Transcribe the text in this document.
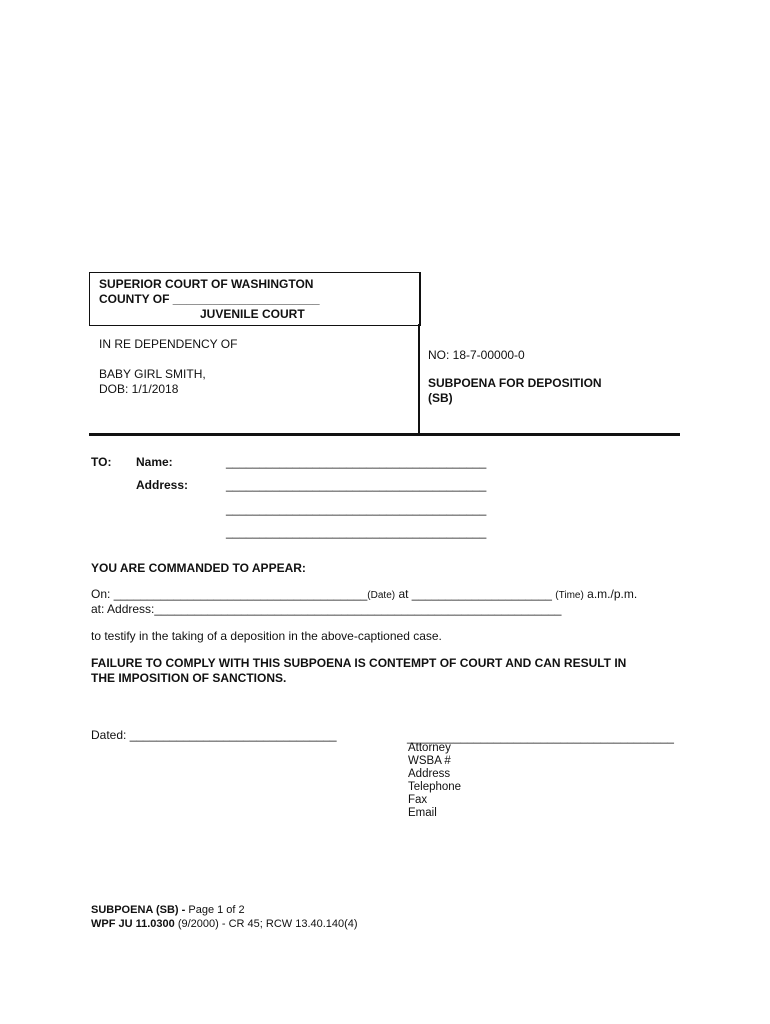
SUPERIOR COURT OF WASHINGTON
COUNTY OF ______________________
JUVENILE COURT
IN RE DEPENDENCY OF
BABY GIRL SMITH,
DOB: 1/1/2018
NO: 18-7-00000-0
SUBPOENA FOR DEPOSITION
(SB)
TO: Name:	_______________________________________
Address:	_______________________________________
_______________________________________
_______________________________________
YOU ARE COMMANDED TO APPEAR:
On: ______________________________________(Date) at _____________________ (Time) a.m./p.m.
at: Address:_____________________________________________________________
to testify in the taking of a deposition in the above-captioned case.
FAILURE TO COMPLY WITH THIS SUBPOENA IS CONTEMPT OF COURT AND CAN RESULT IN
THE IMPOSITION OF SANCTIONS.
Dated: _______________________________	________________________________________
Attorney
WSBA #
Address
Telephone
Fax
Email
SUBPOENA (SB) - Page 1 of 2
WPF JU 11.0300 (9/2000) - CR 45; RCW 13.40.140(4)
